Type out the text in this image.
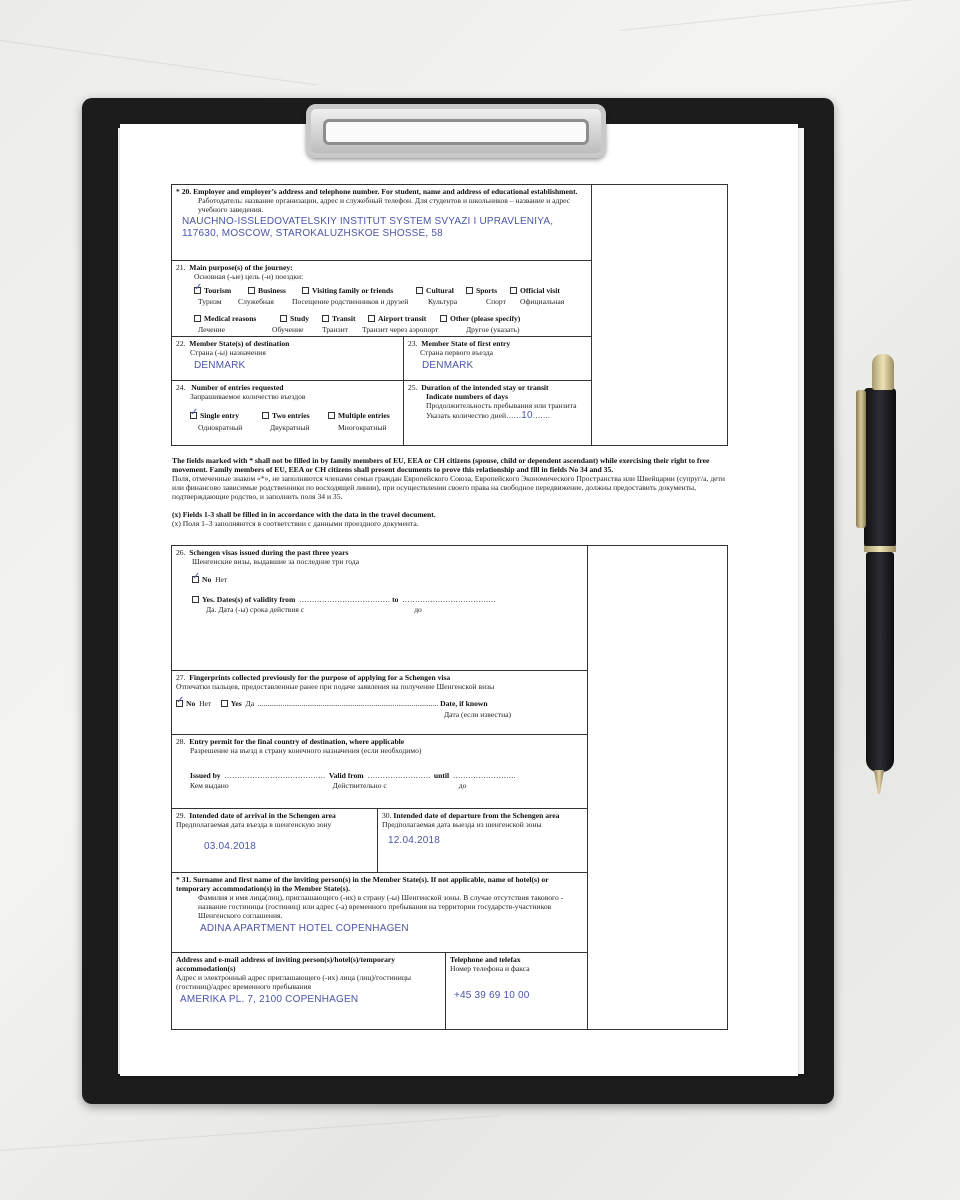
* 20. Employer and employer’s address and telephone number. For student, name and address of educational establishment.
Работодатель: название организации, адрес и служебный телефон. Для студентов и школьников – название и адрес учебного заведения.
NAUCHNO-ISSLEDOVATELSKIY INSTITUT SYSTEM SVYAZI I UPRAVLENIYA,
117630, MOSCOW, STAROKALUZHSKOE SHOSSE, 58
21. Main purpose(s) of the journey:
Основная (-ые) цель (-и) поездки:
✓Tourism
Туризм
Business
Служебная
Visiting family or friends
Посещение родственников и друзей
Cultural
Культура
Sports
Спорт
Official visit
Официальная
Medical reasons
Лечение
Study
Обучение
Transit
Транзит
Airport transit
Транзит через аэропорт
Other (please specify)
Другое (указать)
22. Member State(s) of destination
Страна (-ы) назначения
DENMARK
23. Member State of first entry
Страна первого въезда
DENMARK
24. Number of entries requested
Запрашиваемое количество въездов
✓Single entry
Однократный
Two entries
Двукратный
Multiple entries
Многократный
25. Duration of the intended stay or transit
Indicate numbers of days
Продолжительность пребывания или транзита
Указать количество дней……10…….
The fields marked with * shall not be filled in by family members of EU, EEA or CH citizens (spouse, child or dependent ascendant) while exercising their right to free movement. Family members of EU, EEA or CH citizens shall present documents to prove this relationship and fill in fields No 34 and 35.
Поля, отмеченные знаком «*», не заполняются членами семьи граждан Европейского Союза, Европейского Экономического Пространства или Швейцарии (супруг/а, дети или финансово зависимые родственники по восходящей линии), при осуществлении своего права на свободное передвижение, должны предоставить документы, подтверждающие родство, и заполнить поля 34 и 35.
(x) Fields 1-3 shall be filled in in accordance with the data in the travel document.
(x) Поля 1–3 заполняются в соответствии с данными проездного документа.
26. Schengen visas issued during the past three years
Шенгенские визы, выдавшие за последние три года
✓No Нет
Yes. Dates(s) of validity from ……………………………… to ……………………………….
Да. Дата (-ы) срока действия с	до
27. Fingerprints collected previously for the purpose of applying for a Schengen visa
Отпечатки пальцев, предоставленные ранее при подаче заявления на получение Шенгенской визы
✓No Нет	Yes Да ............................................................................................... Date, if known
Дата (если известна)
28. Entry permit for the final country of destination, where applicable
Разрешение на въезд в страну конечного назначения (если необходимо)
Issued by …………………………………. Valid from ……………………. until …………………….
Кем выдано	Действительно с	до
29. Intended date of arrival in the Schengen area
Предполагаемая дата въезда в шенгенскую зону
03.04.2018
30. Intended date of departure from the Schengen area
Предполагаемая дата выезда из шенгенской зоны
12.04.2018
* 31. Surname and first name of the inviting person(s) in the Member State(s). If not applicable, name of hotel(s) or temporary accommodation(s) in the Member State(s).
Фамилия и имя лица(лиц), приглашающего (-их) в страну (-ы) Шенгенской зоны. В случае отсутствия такового - название гостиницы (гостиниц) или адрес (-а) временного пребывания на территории государств-участников Шенгенского соглашения.
ADINA APARTMENT HOTEL COPENHAGEN
Address and e-mail address of inviting person(s)/hotel(s)/temporary accommodation(s)
Адрес и электронный адрес приглашающего (-их) лица (лиц)/гостиницы (гостиниц)/адрес временного пребывания
AMERIKA PL. 7, 2100 COPENHAGEN
Telephone and telefax
Номер телефона и факса
+45 39 69 10 00
